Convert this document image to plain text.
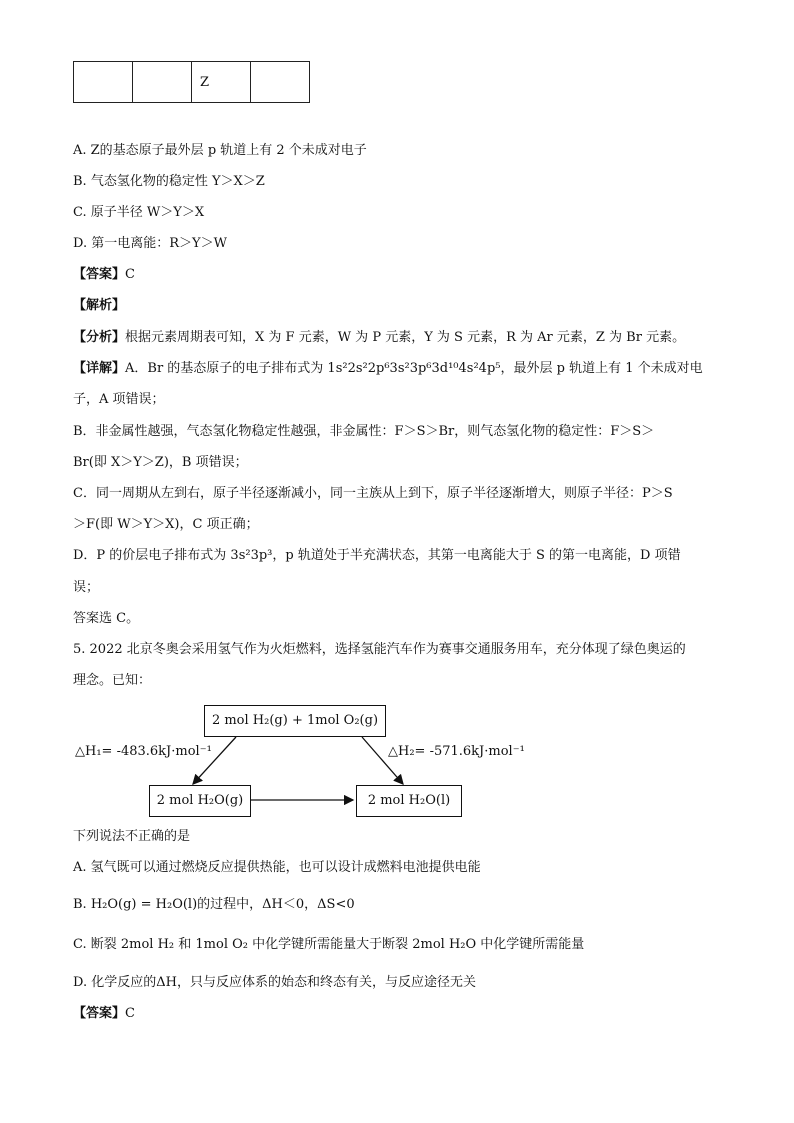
		Z	
A. Z的基态原子最外层 p 轨道上有 2 个未成对电子
B. 气态氢化物的稳定性 Y＞X＞Z
C. 原子半径 W＞Y＞X
D. 第一电离能：R＞Y＞W
【答案】C
【解析】
【分析】根据元素周期表可知，X 为 F 元素，W 为 P 元素，Y 为 S 元素，R 为 Ar 元素，Z 为 Br 元素。
【详解】A．Br 的基态原子的电子排布式为 1s²2s²2p⁶3s²3p⁶3d¹⁰4s²4p⁵，最外层 p 轨道上有 1 个未成对电
子，A 项错误；
B．非金属性越强，气态氢化物稳定性越强，非金属性：F＞S＞Br，则气态氢化物的稳定性：F＞S＞
Br(即 X＞Y＞Z)，B 项错误；
C．同一周期从左到右，原子半径逐渐减小，同一主族从上到下，原子半径逐渐增大，则原子半径：P＞S
＞F(即 W＞Y＞X)，C 项正确；
D．P 的价层电子排布式为 3s²3p³，p 轨道处于半充满状态，其第一电离能大于 S 的第一电离能，D 项错
误；
答案选 C。
5. 2022 北京冬奥会采用氢气作为火炬燃料，选择氢能汽车作为赛事交通服务用车，充分体现了绿色奥运的
理念。已知：
2 mol H₂(g) + 1mol O₂(g)
2 mol H₂O(g)	2 mol H₂O(l)
△H₁= -483.6kJ·mol⁻¹	△H₂= -571.6kJ·mol⁻¹
下列说法不正确的是
A. 氢气既可以通过燃烧反应提供热能，也可以设计成燃料电池提供电能
B. H₂O(g) = H₂O(l)的过程中，ΔH＜0，ΔS<0
C. 断裂 2mol H₂ 和 1mol O₂ 中化学键所需能量大于断裂 2mol H₂O 中化学键所需能量
D. 化学反应的ΔH，只与反应体系的始态和终态有关，与反应途径无关
【答案】C
